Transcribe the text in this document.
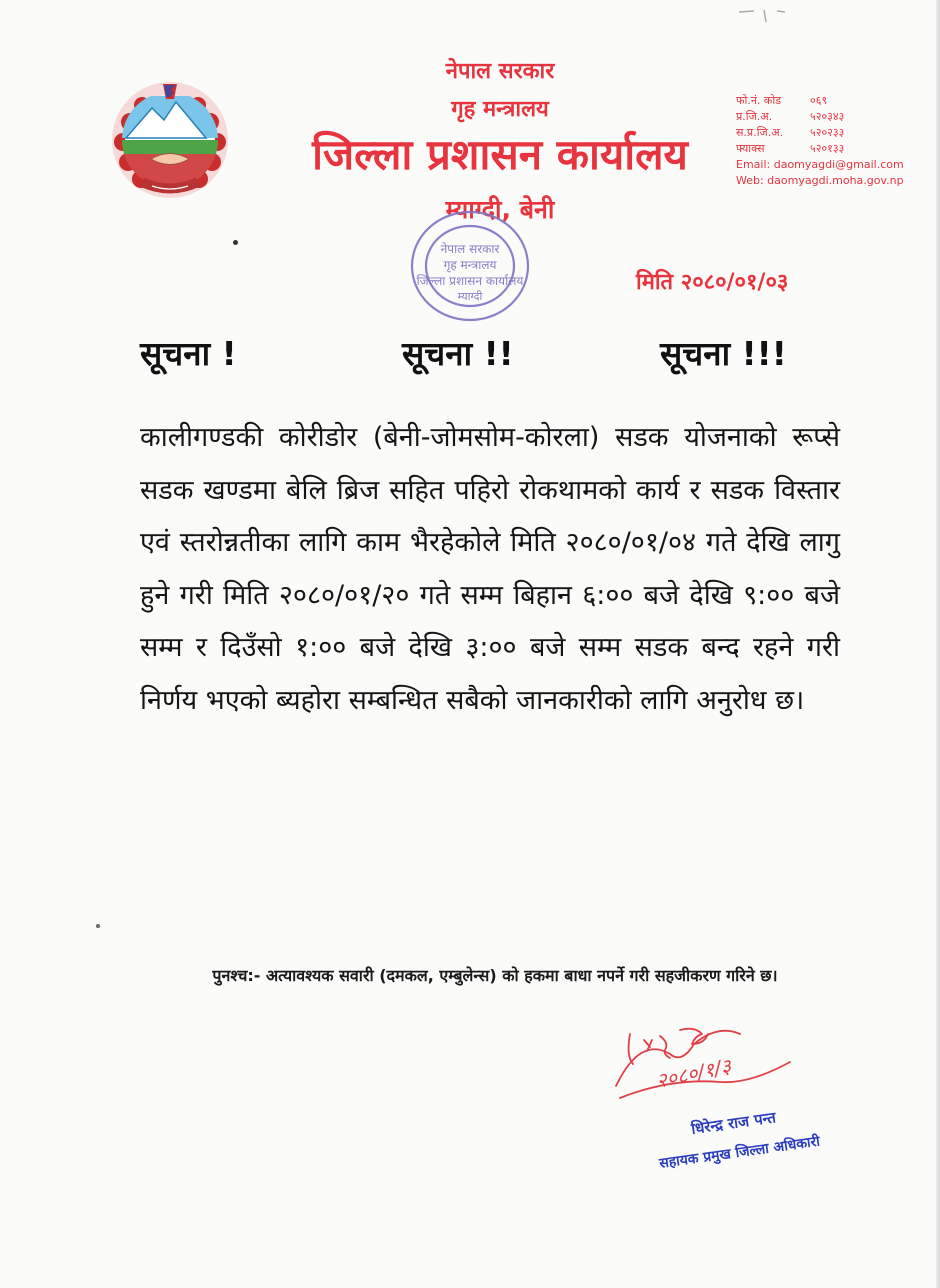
नेपाल सरकार
गृह मन्त्रालय
जिल्ला प्रशासन कार्यालय
म्याग्दी, बेनी
फो.नं. कोड	०६९
प्र.जि.अ.	५२०३४३
स.प्र.जि.अ.	५२०२३३
फ्याक्स	५२०१३३
Email: daomyagdi@gmail.com
Web: daomyagdi.moha.gov.np
नेपाल सरकार
गृह मन्त्रालय
जिल्ला प्रशासन कार्यालय
म्याग्दी
मिति २०८०/०१/०३
सूचना !	सूचना !!	सूचना !!!
कालीगण्डकी कोरीडोर (बेनी-जोमसोम-कोरला) सडक योजनाको रूप्से सडक खण्डमा बेलि ब्रिज सहित पहिरो रोकथामको कार्य र सडक विस्तार एवं स्तरोन्नतीका लागि काम भैरहेकोले मिति २०८०/०१/०४ गते देखि लागु हुने गरी मिति २०८०/०१/२० गते सम्म बिहान ६:०० बजे देखि ९:०० बजे सम्म र दिउँसो १:०० बजे देखि ३:०० बजे सम्म सडक बन्द रहने गरी निर्णय भएको ब्यहोरा सम्बन्धित सबैको जानकारीको लागि अनुरोध छ।
पुनश्च:- अत्यावश्यक सवारी (दमकल, एम्बुलेन्स) को हकमा बाधा नपर्ने गरी सहजीकरण गरिने छ।
२०८०/१/३
धिरेन्द्र राज पन्त
सहायक प्रमुख जिल्ला अधिकारी
